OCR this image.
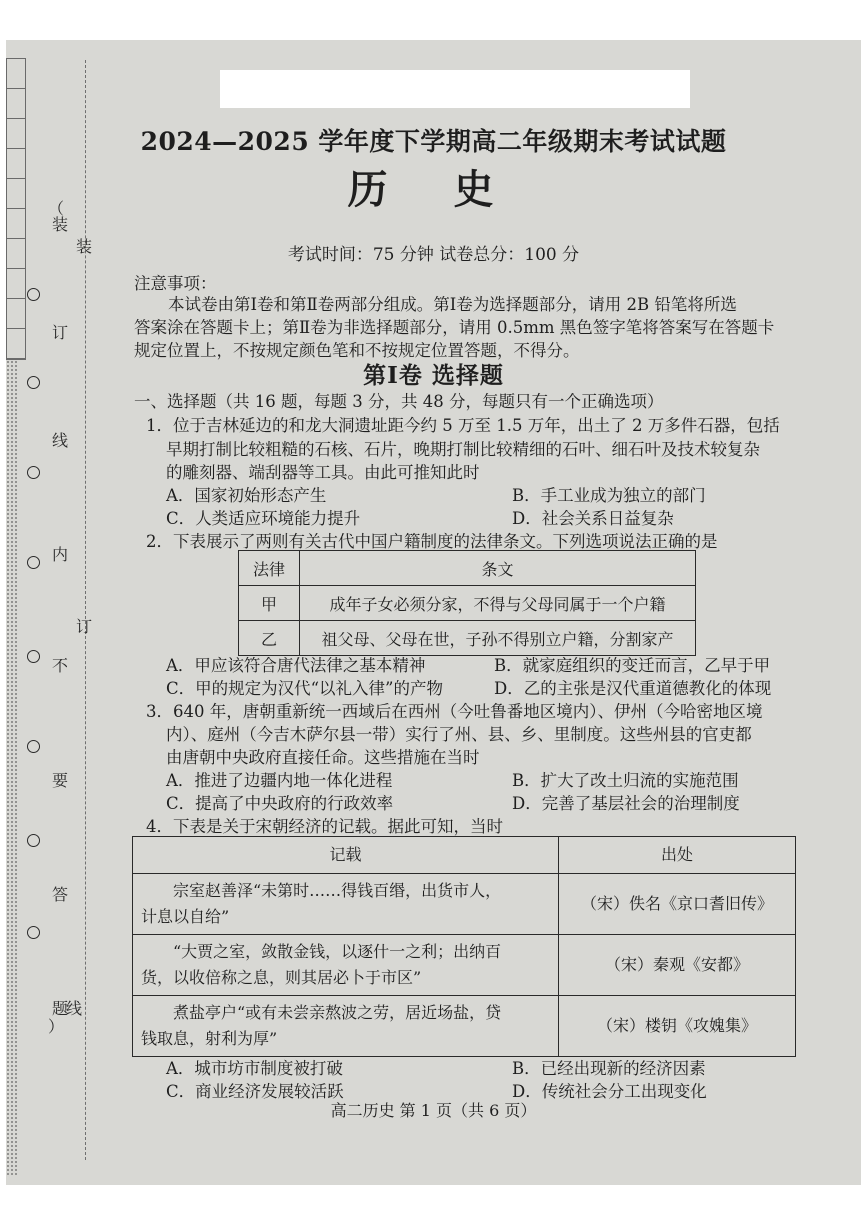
（
装
订
线
内
不
要
答
题
）
装
订
线
2024—2025 学年度下学期高二年级期末考试试题
历 史
考试时间：75 分钟 试卷总分：100 分
注意事项：
本试卷由第Ⅰ卷和第Ⅱ卷两部分组成。第Ⅰ卷为选择题部分，请用 2B 铅笔将所选
答案涂在答题卡上；第Ⅱ卷为非选择题部分，请用 0.5mm 黑色签字笔将答案写在答题卡
规定位置上，不按规定颜色笔和不按规定位置答题，不得分。
第Ⅰ卷 选择题
一、选择题（共 16 题，每题 3 分，共 48 分，每题只有一个正确选项）
1．位于吉林延边的和龙大洞遗址距今约 5 万至 1.5 万年，出土了 2 万多件石器，包括
早期打制比较粗糙的石核、石片，晚期打制比较精细的石叶、细石叶及技术较复杂
的雕刻器、端刮器等工具。由此可推知此时
A．国家初始形态产生	B．手工业成为独立的部门
C．人类适应环境能力提升	D．社会关系日益复杂
2．下表展示了两则有关古代中国户籍制度的法律条文。下列选项说法正确的是
法律	条文
甲	成年子女必须分家，不得与父母同属于一个户籍
乙	祖父母、父母在世，子孙不得别立户籍，分割家产
A．甲应该符合唐代法律之基本精神	B．就家庭组织的变迁而言，乙早于甲
C．甲的规定为汉代“以礼入律”的产物	D．乙的主张是汉代重道德教化的体现
3．640 年，唐朝重新统一西域后在西州（今吐鲁番地区境内）、伊州（今哈密地区境
内）、庭州（今吉木萨尔县一带）实行了州、县、乡、里制度。这些州县的官吏都
由唐朝中央政府直接任命。这些措施在当时
A．推进了边疆内地一体化进程	B．扩大了改土归流的实施范围
C．提高了中央政府的行政效率	D．完善了基层社会的治理制度
4．下表是关于宋朝经济的记载。据此可知，当时
记载	出处

宗室赵善泽“未第时……得钱百缗，出货市人，
计息以自给”	（宋）佚名《京口耆旧传》

“大贾之室，敛散金钱，以逐什一之利；出纳百
货，以收倍称之息，则其居必卜于市区”	（宋）秦观《安都》

煮盐亭户“或有未尝亲熬波之劳，居近场盐，贷
钱取息，射利为厚”	（宋）楼钥《攻媿集》
A．城市坊市制度被打破	B．已经出现新的经济因素
C．商业经济发展较活跃	D．传统社会分工出现变化
高二历史 第 1 页（共 6 页）
